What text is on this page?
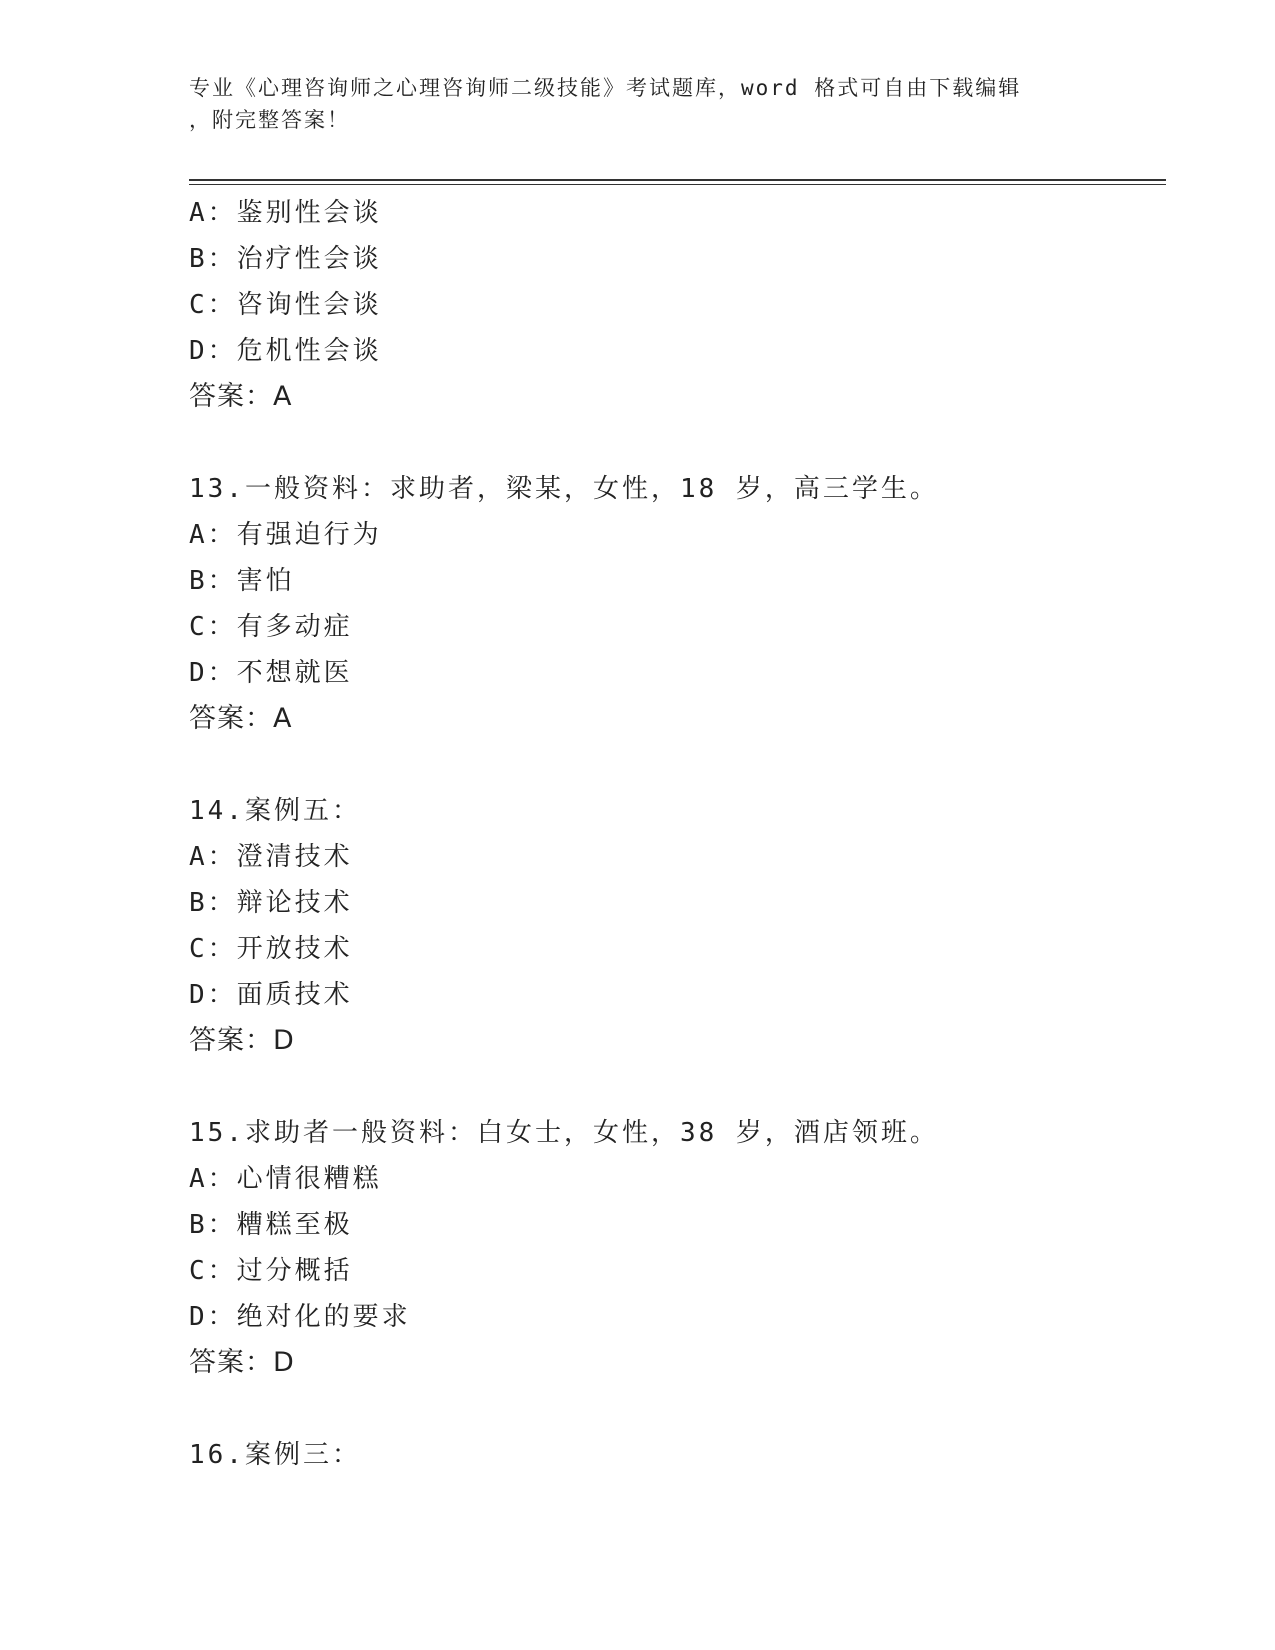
专业《心理咨询师之心理咨询师二级技能》考试题库，word 格式可自由下载编辑
，附完整答案！
A：鉴别性会谈
B：治疗性会谈
C：咨询性会谈
D：危机性会谈
答案：A
13.一般资料：求助者，梁某，女性，18 岁，高三学生。
A：有强迫行为
B：害怕
C：有多动症
D：不想就医
答案：A
14.案例五：
A：澄清技术
B：辩论技术
C：开放技术
D：面质技术
答案：D
15.求助者一般资料：白女士，女性，38 岁，酒店领班。
A：心情很糟糕
B：糟糕至极
C：过分概括
D：绝对化的要求
答案：D
16.案例三：
